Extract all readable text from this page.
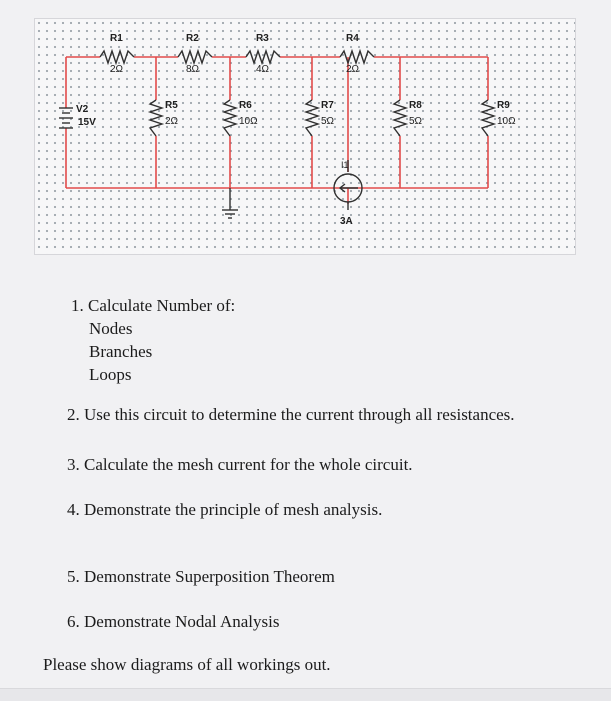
V2
15V
R1
2Ω
R2
8Ω
R3
4Ω
R4
2Ω
R5
2Ω
R6
10Ω
R7
5Ω
R8
5Ω
R9
10Ω
I1
3A

1. Calculate Number of:

Nodes

Branches

Loops

2. Use this circuit to determine the current through all resistances.

3. Calculate the mesh current for the whole circuit.

4. Demonstrate the principle of mesh analysis.

5. Demonstrate Superposition Theorem

6. Demonstrate Nodal Analysis

Please show diagrams of all workings out.
